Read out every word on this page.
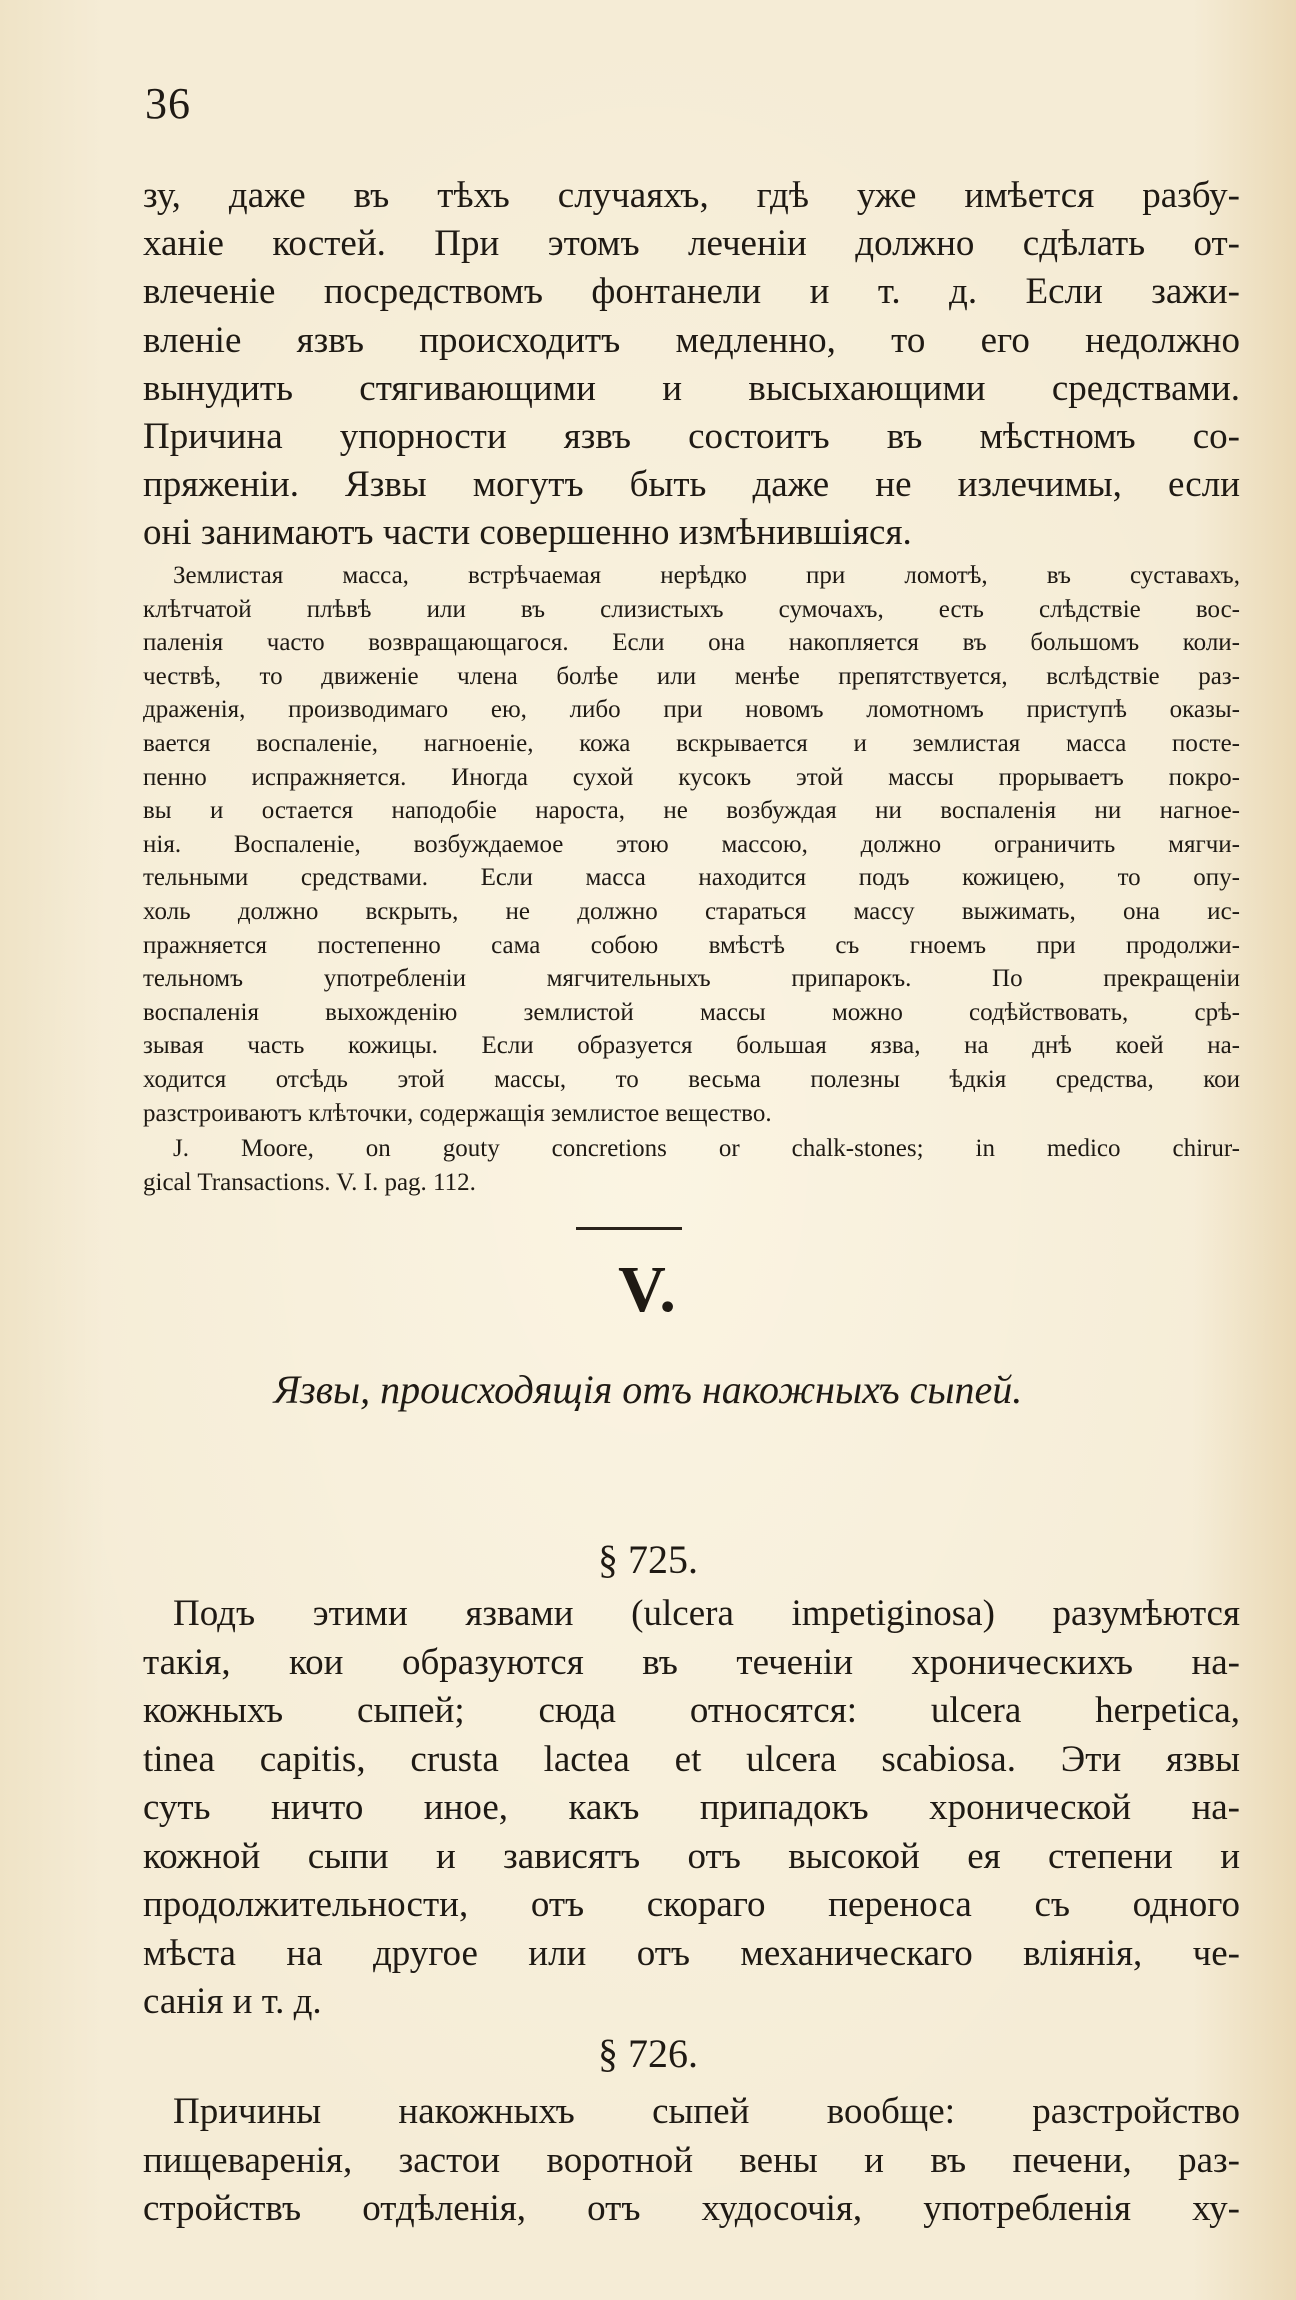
36
зу, даже въ тѣхъ случаяхъ, гдѣ уже имѣется разбу-
ханіе костей. При этомъ леченіи должно сдѣлать от-
влеченіе посредствомъ фонтанели и т. д. Если зажи-
вленіе язвъ происходитъ медленно, то его недолжно
вынудить стягивающими и высыхающими средствами.
Причина упорности язвъ состоитъ въ мѣстномъ со-
пряженіи. Язвы могутъ быть даже не излечимы, если
оні занимаютъ части совершенно измѣнившіяся.
Землистая масса, встрѣчаемая нерѣдко при ломотѣ, въ суставахъ,
клѣтчатой плѣвѣ или въ слизистыхъ сумочахъ, есть слѣдствіе вос-
паленія часто возвращающагося. Если она накопляется въ большомъ коли-
чествѣ, то движеніе члена болѣе или менѣе препятствуется, вслѣдствіе раз-
драженія, производимаго ею, либо при новомъ ломотномъ приступѣ оказы-
вается воспаленіе, нагноеніе, кожа вскрывается и землистая масса посте-
пенно испражняется. Иногда сухой кусокъ этой массы прорываетъ покро-
вы и остается наподобіе нароста, не возбуждая ни воспаленія ни нагное-
нія. Воспаленіе, возбуждаемое этою массою, должно ограничить мягчи-
тельными средствами. Если масса находится подъ кожицею, то опу-
холь должно вскрыть, не должно стараться массу выжимать, она ис-
пражняется постепенно сама собою вмѣстѣ съ гноемъ при продолжи-
тельномъ употребленіи мягчительныхъ припарокъ. По прекращеніи
воспаленія выхожденію землистой массы можно содѣйствовать, срѣ-
зывая часть кожицы. Если образуется большая язва, на днѣ коей на-
ходится отсѣдь этой массы, то весьма полезны ѣдкія средства, кои
разстроиваютъ клѣточки, содержащія землистое вещество.
J. Moore, on gouty concretions or chalk-stones; in medico chirur-
gical Transactions. V. I. pag. 112.
V.
Язвы, происходящія отъ накожныхъ сыпей.
§ 725.
Подъ этими язвами (ulcera impetiginosa) разумѣются
такія, кои образуются въ теченіи хроническихъ на-
кожныхъ сыпей; сюда относятся: ulcera herpetica,
tinea capitis, crusta lactea et ulcera scabiosa. Эти язвы
суть ничто иное, какъ припадокъ хронической на-
кожной сыпи и зависятъ отъ высокой ея степени и
продолжительности, отъ скораго переноса съ одного
мѣста на другое или отъ механическаго вліянія, че-
санія и т. д.
§ 726.
Причины накожныхъ сыпей вообще: разстройство
пищеваренія, застои воротной вены и въ печени, раз-
стройствъ отдѣленія, отъ худосочія, употребленія ху-
